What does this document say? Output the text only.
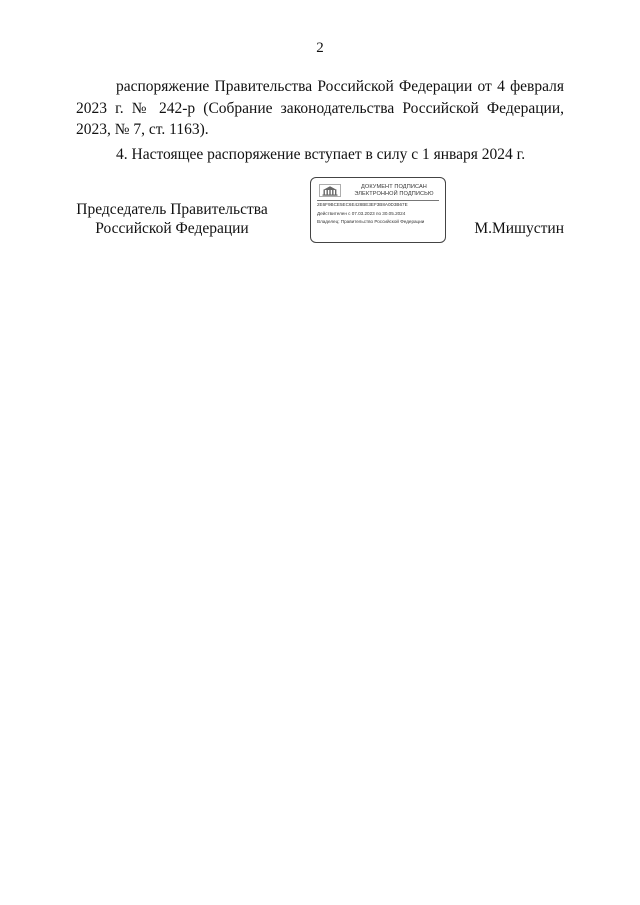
2

распоряжение Правительства Российской Федерации от 4 февраля 2023 г. № 242-р (Собрание законодательства Российской Федерации, 2023, № 7, ст. 1163).

4. Настоящее распоряжение вступает в силу с 1 января 2024 г.

Председатель Правительства
Российской Федерации
ДОКУМЕНТ ПОДПИСАН
ЭЛЕКТРОННОЙ ПОДПИСЬЮ
2E6F9BCE5EC6E428BE3EF3B8A0D3B67E
Действителен с 07.03.2023 по 30.05.2024
Владелец: Правительство Российской Федерации	М.Мишустин
